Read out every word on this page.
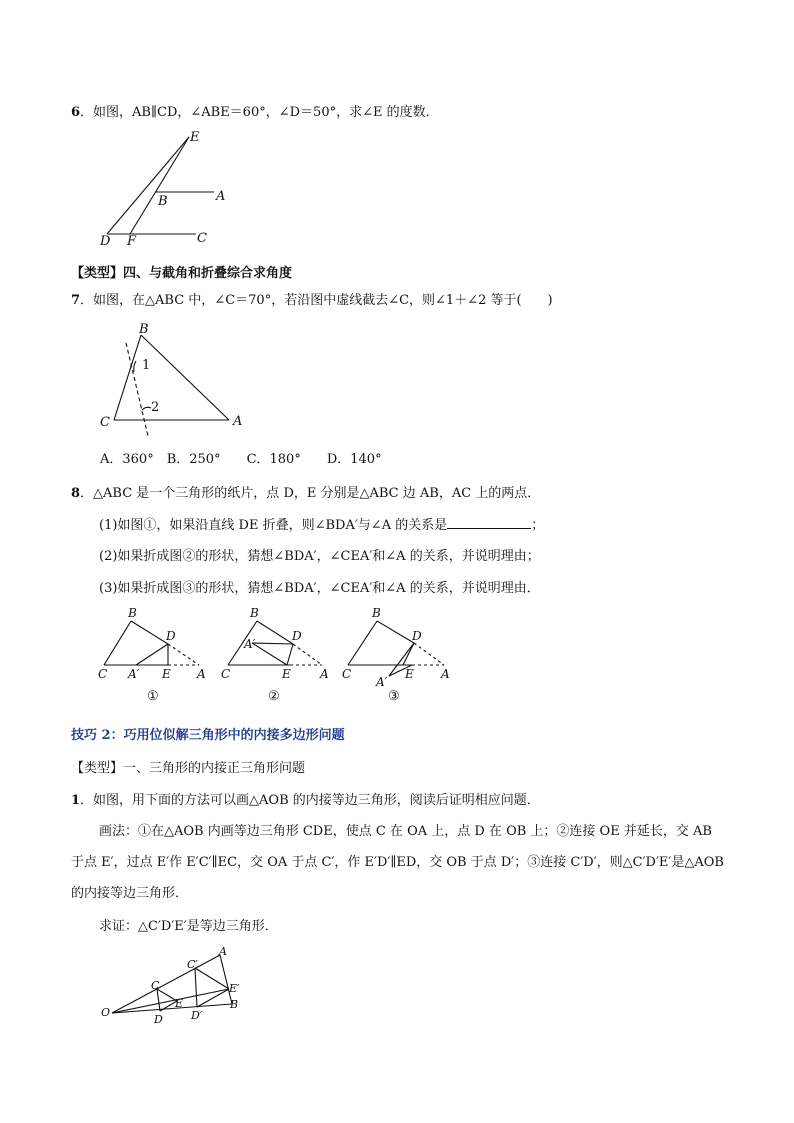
6．如图，AB∥CD，∠ABE＝60°，∠D＝50°，求∠E 的度数．
E
A
B
C
D F
【类型】四、与截角和折叠综合求角度
7．如图，在△ABC 中，∠C＝70°，若沿图中虚线截去∠C，则∠1＋∠2 等于(　　)
B
C	A
1
2
A．360°　B．250°　　C．180°　　D．140°
8．△ABC 是一个三角形的纸片，点 D，E 分别是△ABC 边 AB，AC 上的两点．
(1)如图①，如果沿直线 DE 折叠，则∠BDA′与∠A 的关系是	；
(2)如果折成图②的形状，猜想∠BDA′，∠CEA′和∠A 的关系，并说明理由；
(3)如果折成图③的形状，猜想∠BDA′，∠CEA′和∠A 的关系，并说明理由．
B
D
C A′ E A
①
B
D
A′
C	E A
②
B
D
C	E A
A′
③
技巧 2：巧用位似解三角形中的内接多边形问题
【类型】一、三角形的内接正三角形问题
1．如图，用下面的方法可以画△AOB 的内接等边三角形，阅读后证明相应问题．
画法：①在△AOB 内画等边三角形 CDE，使点 C 在 OA 上，点 D 在 OB 上；②连接 OE 并延长，交 AB
于点 E′，过点 E′作 E′C′∥EC，交 OA 于点 C′，作 E′D′∥ED，交 OB 于点 D′；③连接 C′D′，则△C′D′E′是△AOB
的内接等边三角形．
求证：△C′D′E′是等边三角形．
O
A
B
C
D
E
C′
D′
E′
